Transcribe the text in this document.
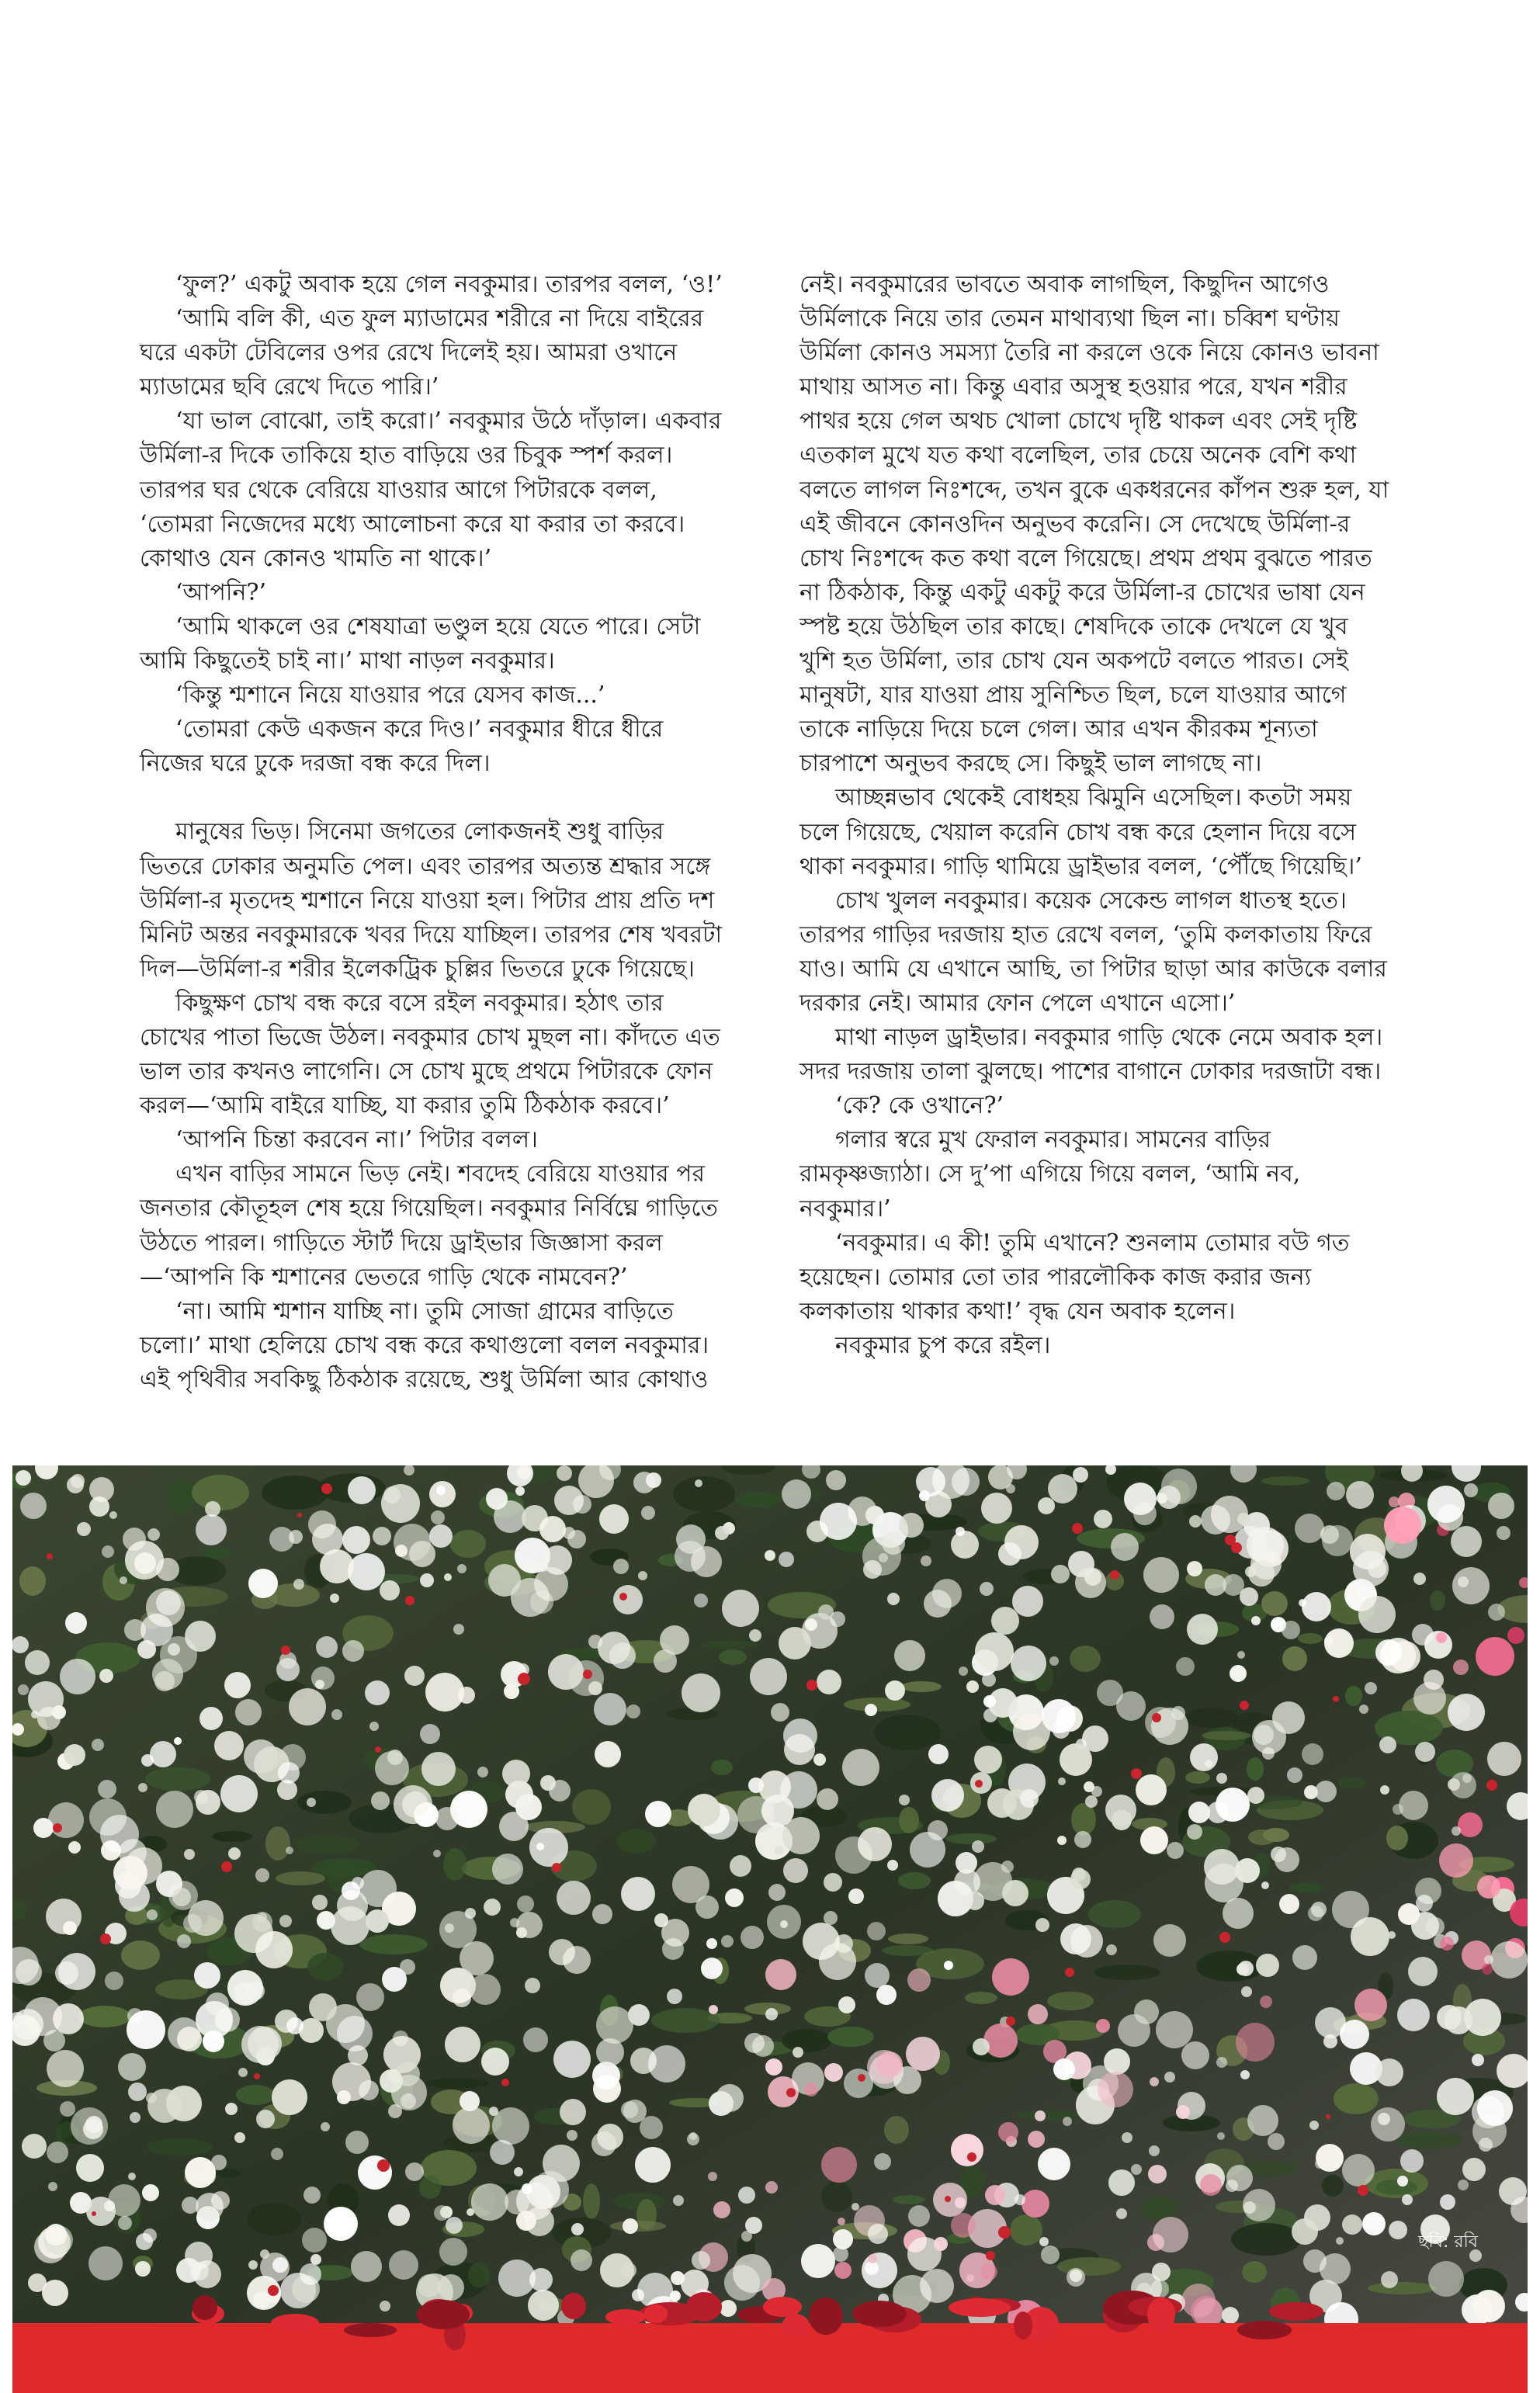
‘ফুল?’ একটু অবাক হয়ে গেল নবকুমার। তারপর বলল, ‘ও!’

‘আমি বলি কী, এত ফুল ম্যাডামের শরীরে না দিয়ে বাইরের ঘরে একটা টেবিলের ওপর রেখে দিলেই হয়। আমরা ওখানে ম্যাডামের ছবি রেখে দিতে পারি।’

‘যা ভাল বোঝো, তাই করো।’ নবকুমার উঠে দাঁড়াল। একবার উর্মিলা-র দিকে তাকিয়ে হাত বাড়িয়ে ওর চিবুক স্পর্শ করল। তারপর ঘর থেকে বেরিয়ে যাওয়ার আগে পিটারকে বলল, ‘তোমরা নিজেদের মধ্যে আলোচনা করে যা করার তা করবে। কোথাও যেন কোনও খামতি না থাকে।’

‘আপনি?’

‘আমি থাকলে ওর শেষযাত্রা ভণ্ডুল হয়ে যেতে পারে। সেটা আমি কিছুতেই চাই না।’ মাথা নাড়ল নবকুমার।

‘কিন্তু শ্মশানে নিয়ে যাওয়ার পরে যেসব কাজ...’

‘তোমরা কেউ একজন করে দিও।’ নবকুমার ধীরে ধীরে নিজের ঘরে ঢুকে দরজা বন্ধ করে দিল।

মানুষের ভিড়। সিনেমা জগতের লোকজনই শুধু বাড়ির ভিতরে ঢোকার অনুমতি পেল। এবং তারপর অত্যন্ত শ্রদ্ধার সঙ্গে উর্মিলা-র মৃতদেহ শ্মশানে নিয়ে যাওয়া হল। পিটার প্রায় প্রতি দশ মিনিট অন্তর নবকুমারকে খবর দিয়ে যাচ্ছিল। তারপর শেষ খবরটা দিল—উর্মিলা-র শরীর ইলেকট্রিক চুল্লির ভিতরে ঢুকে গিয়েছে।

কিছুক্ষণ চোখ বন্ধ করে বসে রইল নবকুমার। হঠাৎ তার চোখের পাতা ভিজে উঠল। নবকুমার চোখ মুছল না। কাঁদতে এত ভাল তার কখনও লাগেনি। সে চোখ মুছে প্রথমে পিটারকে ফোন করল—‘আমি বাইরে যাচ্ছি, যা করার তুমি ঠিকঠাক করবে।’

‘আপনি চিন্তা করবেন না।’ পিটার বলল।

এখন বাড়ির সামনে ভিড় নেই। শবদেহ বেরিয়ে যাওয়ার পর জনতার কৌতূহল শেষ হয়ে গিয়েছিল। নবকুমার নির্বিঘ্নে গাড়িতে উঠতে পারল। গাড়িতে স্টার্ট দিয়ে ড্রাইভার জিজ্ঞাসা করল—‘আপনি কি শ্মশানের ভেতরে গাড়ি থেকে নামবেন?’

‘না। আমি শ্মশান যাচ্ছি না। তুমি সোজা গ্রামের বাড়িতে চলো।’ মাথা হেলিয়ে চোখ বন্ধ করে কথাগুলো বলল নবকুমার। এই পৃথিবীর সবকিছু ঠিকঠাক রয়েছে, শুধু উর্মিলা আর কোথাও

নেই। নবকুমারের ভাবতে অবাক লাগছিল, কিছুদিন আগেও উর্মিলাকে নিয়ে তার তেমন মাথাব্যথা ছিল না। চব্বিশ ঘণ্টায় উর্মিলা কোনও সমস্যা তৈরি না করলে ওকে নিয়ে কোনও ভাবনা মাথায় আসত না। কিন্তু এবার অসুস্থ হওয়ার পরে, যখন শরীর পাথর হয়ে গেল অথচ খোলা চোখে দৃষ্টি থাকল এবং সেই দৃষ্টি এতকাল মুখে যত কথা বলেছিল, তার চেয়ে অনেক বেশি কথা বলতে লাগল নিঃশব্দে, তখন বুকে একধরনের কাঁপন শুরু হল, যা এই জীবনে কোনওদিন অনুভব করেনি। সে দেখেছে উর্মিলা-র চোখ নিঃশব্দে কত কথা বলে গিয়েছে। প্রথম প্রথম বুঝতে পারত না ঠিকঠাক, কিন্তু একটু একটু করে উর্মিলা-র চোখের ভাষা যেন স্পষ্ট হয়ে উঠছিল তার কাছে। শেষদিকে তাকে দেখলে যে খুব খুশি হত উর্মিলা, তার চোখ যেন অকপটে বলতে পারত। সেই মানুষটা, যার যাওয়া প্রায় সুনিশ্চিত ছিল, চলে যাওয়ার আগে তাকে নাড়িয়ে দিয়ে চলে গেল। আর এখন কীরকম শূন্যতা চারপাশে অনুভব করছে সে। কিছুই ভাল লাগছে না।

আচ্ছন্নভাব থেকেই বোধহয় ঝিমুনি এসেছিল। কতটা সময় চলে গিয়েছে, খেয়াল করেনি চোখ বন্ধ করে হেলান দিয়ে বসে থাকা নবকুমার। গাড়ি থামিয়ে ড্রাইভার বলল, ‘পৌঁছে গিয়েছি।’

চোখ খুলল নবকুমার। কয়েক সেকেন্ড লাগল ধাতস্থ হতে। তারপর গাড়ির দরজায় হাত রেখে বলল, ‘তুমি কলকাতায় ফিরে যাও। আমি যে এখানে আছি, তা পিটার ছাড়া আর কাউকে বলার দরকার নেই। আমার ফোন পেলে এখানে এসো।’

মাথা নাড়ল ড্রাইভার। নবকুমার গাড়ি থেকে নেমে অবাক হল। সদর দরজায় তালা ঝুলছে। পাশের বাগানে ঢোকার দরজাটা বন্ধ।

‘কে? কে ওখানে?’

গলার স্বরে মুখ ফেরাল নবকুমার। সামনের বাড়ির রামকৃষ্ণজ্যাঠা। সে দু’পা এগিয়ে গিয়ে বলল, ‘আমি নব, নবকুমার।’

‘নবকুমার। এ কী! তুমি এখানে? শুনলাম তোমার বউ গত হয়েছেন। তোমার তো তার পারলৌকিক কাজ করার জন্য কলকাতায় থাকার কথা!’ বৃদ্ধ যেন অবাক হলেন।

নবকুমার চুপ করে রইল।

ছবি: রবি
